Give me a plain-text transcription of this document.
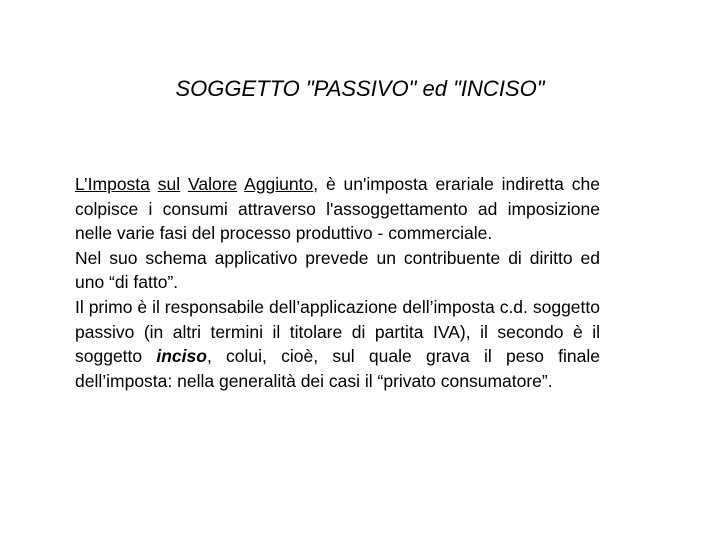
SOGGETTO "PASSIVO" ed "INCISO"

L’Imposta sul Valore Aggiunto, è un'imposta erariale indiretta che colpisce i consumi attraverso l'assoggettamento ad imposizione nelle varie fasi del processo produttivo - commerciale.

Nel suo schema applicativo prevede un contribuente di diritto ed uno “di fatto”.

Il primo è il responsabile dell’applicazione dell’imposta c.d. soggetto passivo (in altri termini il titolare di partita IVA), il secondo è il soggetto inciso, colui, cioè, sul quale grava il peso finale dell’imposta: nella generalità dei casi il “privato consumatore”.
